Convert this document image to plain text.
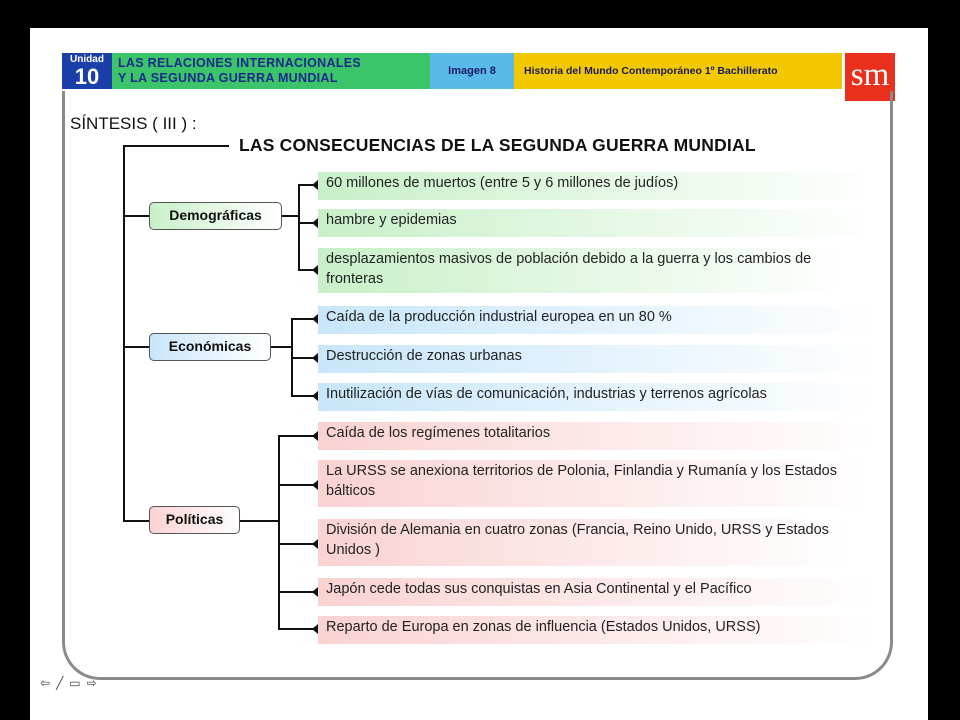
Unidad
10
LAS RELACIONES INTERNACIONALES
Y LA SEGUNDA GUERRA MUNDIAL	Imagen 8	Historia del Mundo Contemporáneo 1º Bachillerato	sm
SÍNTESIS ( III ) :
LAS CONSECUENCIAS DE LA SEGUNDA GUERRA MUNDIAL
Demográficas
Económicas
Políticas
60 millones de muertos (entre 5 y 6 millones de judíos)
hambre y epidemias
desplazamientos masivos de población debido a la guerra y los cambios de fronteras
Caída de la producción industrial europea en un 80 %
Destrucción de zonas urbanas
Inutilización de vías de comunicación, industrias y terrenos agrícolas
Caída de los regímenes totalitarios
La URSS se anexiona territorios de Polonia, Finlandia y Rumanía y los Estados bálticos
División de Alemania en cuatro zonas (Francia, Reino Unido, URSS y Estados Unidos )
Japón cede todas sus conquistas en Asia Continental y el Pacífico
Reparto de Europa en zonas de influencia (Estados Unidos, URSS)
⇦╱▭⇨
